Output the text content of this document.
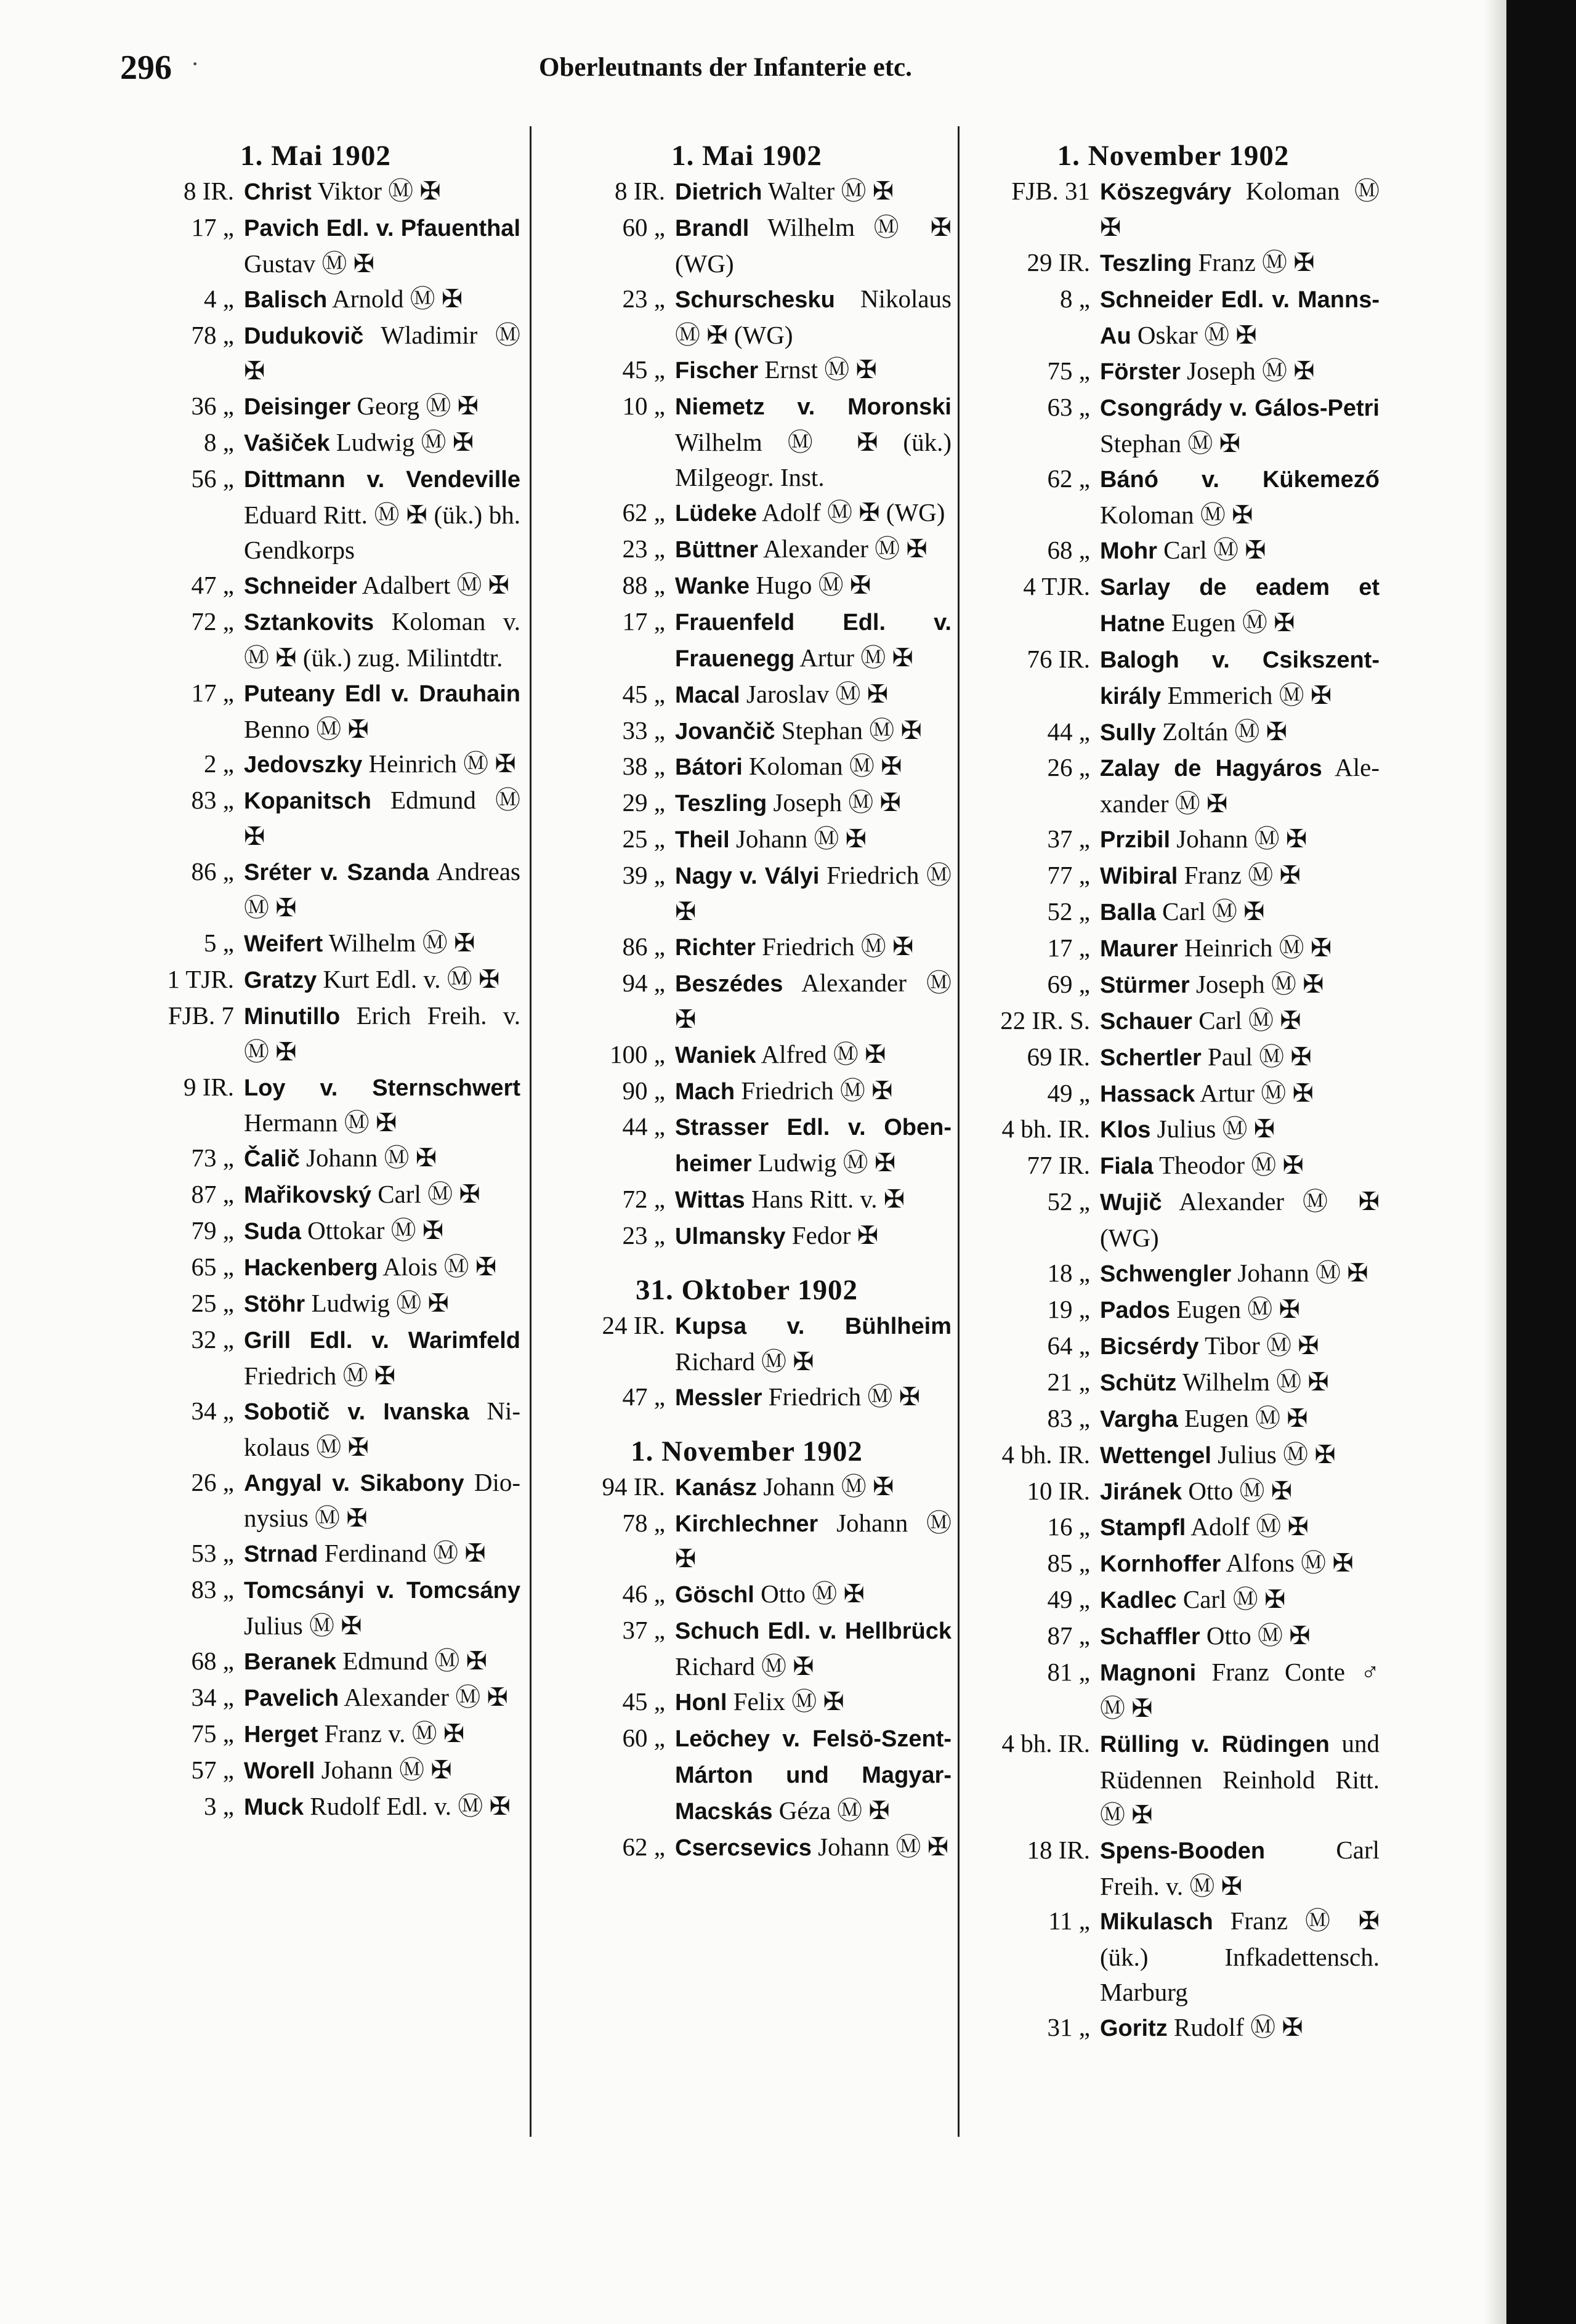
296 ·	Oberleutnants der Infanterie etc.
1. Mai 1902
8 IR. Christ Viktor Ⓜ ✠
17 „ Pavich Edl. v. Pfauenthal Gustav Ⓜ ✠
4 „ Balisch Arnold Ⓜ ✠
78 „ Dudukovič Wladimir Ⓜ ✠
36 „ Deisinger Georg Ⓜ ✠
8 „ Vašiček Ludwig Ⓜ ✠
56 „ Dittmann v. Vendeville Eduard Ritt. Ⓜ ✠ (ük.) bh. Gendkorps
47 „ Schneider Adalbert Ⓜ ✠
72 „ Sztankovits Koloman v. Ⓜ ✠ (ük.) zug. Milintdtr.
17 „ Puteany Edl v. Drauhain Benno Ⓜ ✠
2 „ Jedovszky Heinrich Ⓜ ✠
83 „ Kopanitsch Edmund Ⓜ ✠
86 „ Sréter v. Szanda Andreas Ⓜ ✠
5 „ Weifert Wilhelm Ⓜ ✠
1 TJR. Gratzy Kurt Edl. v. Ⓜ ✠
FJB. 7 Minutillo Erich Freih. v. Ⓜ ✠
9 IR. Loy v. Sternschwert Hermann Ⓜ ✠
73 „ Čalič Johann Ⓜ ✠
87 „ Mařikovský Carl Ⓜ ✠
79 „ Suda Ottokar Ⓜ ✠
65 „ Hackenberg Alois Ⓜ ✠
25 „ Stöhr Ludwig Ⓜ ✠
32 „ Grill Edl. v. Warimfeld Friedrich Ⓜ ✠
34 „ Sobotič v. Ivanska Nikolaus Ⓜ ✠
26 „ Angyal v. Sikabony Dionysius Ⓜ ✠
53 „ Strnad Ferdinand Ⓜ ✠
83 „ Tomcsányi v. Tomcsány Julius Ⓜ ✠
68 „ Beranek Edmund Ⓜ ✠
34 „ Pavelich Alexander Ⓜ ✠
75 „ Herget Franz v. Ⓜ ✠
57 „ Worell Johann Ⓜ ✠
3 „ Muck Rudolf Edl. v. Ⓜ ✠
1. Mai 1902
8 IR. Dietrich Walter Ⓜ ✠
60 „ Brandl Wilhelm Ⓜ ✠ (WG)
23 „ Schurschesku Nikolaus Ⓜ ✠ (WG)
45 „ Fischer Ernst Ⓜ ✠
10 „ Niemetz v. Moronski Wilhelm Ⓜ ✠ (ük.) Milgeogr. Inst.
62 „ Lüdeke Adolf Ⓜ ✠ (WG)
23 „ Büttner Alexander Ⓜ ✠
88 „ Wanke Hugo Ⓜ ✠
17 „ Frauenfeld Edl. v. Frauenegg Artur Ⓜ ✠
45 „ Macal Jaroslav Ⓜ ✠
33 „ Jovančič Stephan Ⓜ ✠
38 „ Bátori Koloman Ⓜ ✠
29 „ Teszling Joseph Ⓜ ✠
25 „ Theil Johann Ⓜ ✠
39 „ Nagy v. Vályi Friedrich Ⓜ ✠
86 „ Richter Friedrich Ⓜ ✠
94 „ Beszédes Alexander Ⓜ ✠
100 „ Waniek Alfred Ⓜ ✠
90 „ Mach Friedrich Ⓜ ✠
44 „ Strasser Edl. v. Obenheimer Ludwig Ⓜ ✠
72 „ Wittas Hans Ritt. v. ✠
23 „ Ulmansky Fedor ✠
31. Oktober 1902
24 IR. Kupsa v. Bühlheim Richard Ⓜ ✠
47 „ Messler Friedrich Ⓜ ✠
1. November 1902
94 IR. Kanász Johann Ⓜ ✠
78 „ Kirchlechner Johann Ⓜ ✠
46 „ Göschl Otto Ⓜ ✠
37 „ Schuch Edl. v. Hellbrück Richard Ⓜ ✠
45 „ Honl Felix Ⓜ ✠
60 „ Leöchey v. Felsö-Szent-Márton und Magyar-Macskás Géza Ⓜ ✠
62 „ Csercsevics Johann Ⓜ ✠
1. November 1902
FJB. 31 Köszegváry Koloman Ⓜ ✠
29 IR. Teszling Franz Ⓜ ✠
8 „ Schneider Edl. v. Manns-Au Oskar Ⓜ ✠
75 „ Förster Joseph Ⓜ ✠
63 „ Csongrády v. Gálos-Petri Stephan Ⓜ ✠
62 „ Bánó v. Kükemező Koloman Ⓜ ✠
68 „ Mohr Carl Ⓜ ✠
4 TJR. Sarlay de eadem et Hatne Eugen Ⓜ ✠
76 IR. Balogh v. Csikszentkirály Emmerich Ⓜ ✠
44 „ Sully Zoltán Ⓜ ✠
26 „ Zalay de Hagyáros Alexander Ⓜ ✠
37 „ Przibil Johann Ⓜ ✠
77 „ Wibiral Franz Ⓜ ✠
52 „ Balla Carl Ⓜ ✠
17 „ Maurer Heinrich Ⓜ ✠
69 „ Stürmer Joseph Ⓜ ✠
22 IR. S. Schauer Carl Ⓜ ✠
69 IR. Schertler Paul Ⓜ ✠
49 „ Hassack Artur Ⓜ ✠
4 bh. IR. Klos Julius Ⓜ ✠
77 IR. Fiala Theodor Ⓜ ✠
52 „ Wujič Alexander Ⓜ ✠ (WG)
18 „ Schwengler Johann Ⓜ ✠
19 „ Pados Eugen Ⓜ ✠
64 „ Bicsérdy Tibor Ⓜ ✠
21 „ Schütz Wilhelm Ⓜ ✠
83 „ Vargha Eugen Ⓜ ✠
4 bh. IR. Wettengel Julius Ⓜ ✠
10 IR. Jiránek Otto Ⓜ ✠
16 „ Stampfl Adolf Ⓜ ✠
85 „ Kornhoffer Alfons Ⓜ ✠
49 „ Kadlec Carl Ⓜ ✠
87 „ Schaffler Otto Ⓜ ✠
81 „ Magnoni Franz Conte ♂ Ⓜ ✠
4 bh. IR. Rülling v. Rüdingen und Rüdennen Reinhold Ritt. Ⓜ ✠
18 IR. Spens-Booden	Carl Freih. v. Ⓜ ✠
11 „ Mikulasch Franz Ⓜ ✠ (ük.) Infkadettensch. Marburg
31 „ Goritz Rudolf Ⓜ ✠
